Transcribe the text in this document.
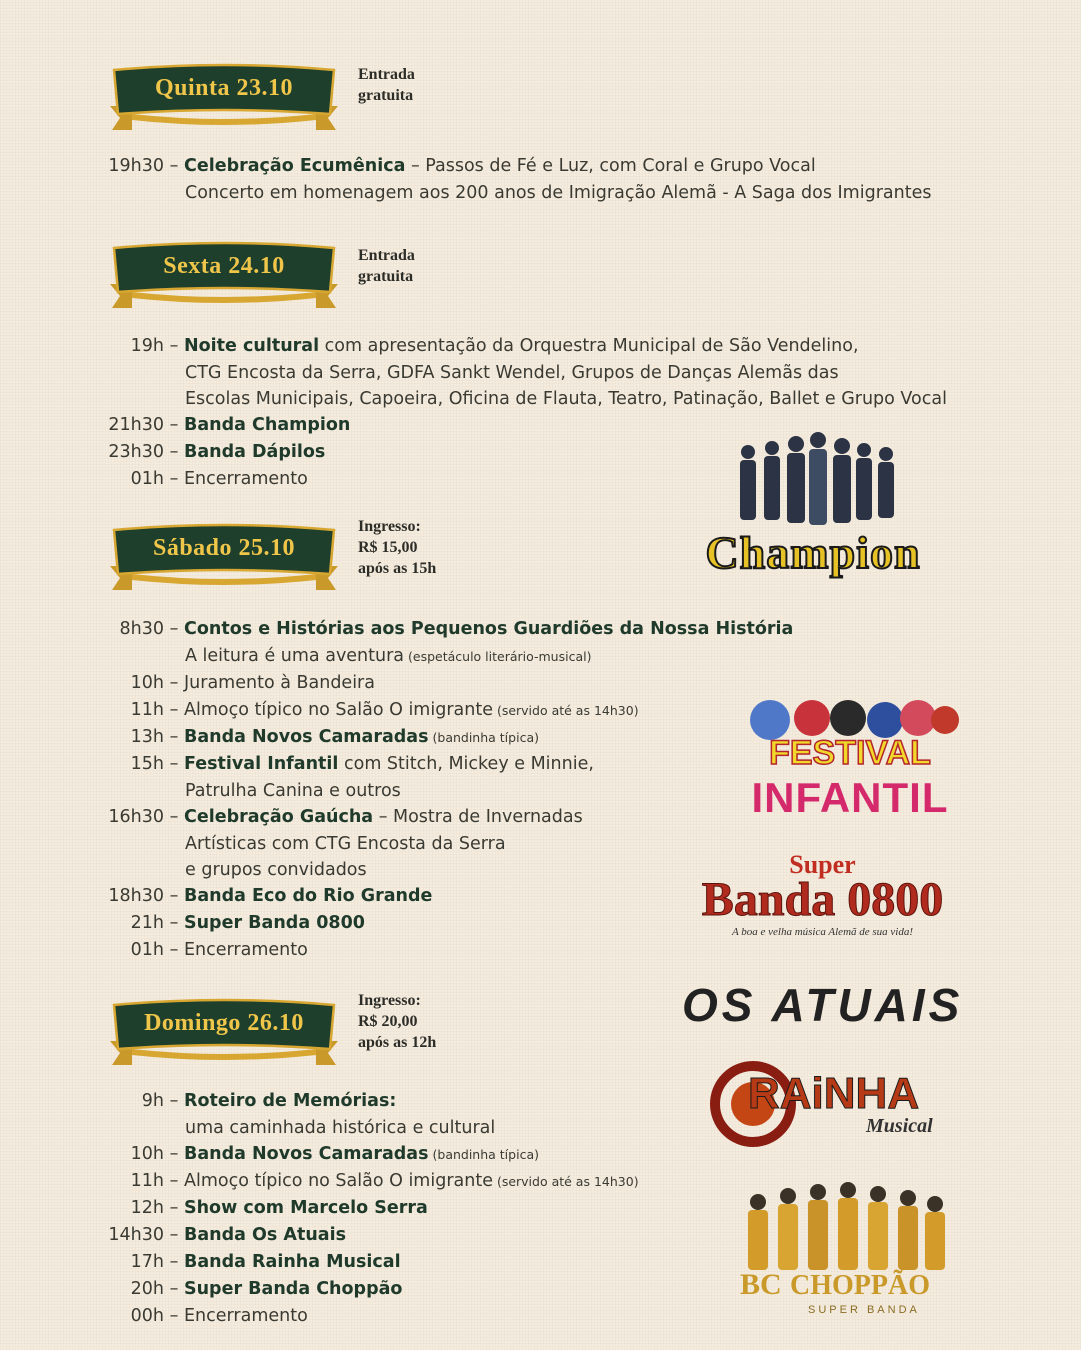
Quinta 23.10	Entrada
gratuita
Sexta 24.10	Entrada
gratuita
Sábado 25.10
Ingresso:
R$ 15,00
após as 15h
Domingo 26.10
Ingresso:
R$ 20,00
após as 12h
19h30 – Celebração Ecumênica – Passos de Fé e Luz, com Coral e Grupo Vocal
Concerto em homenagem aos 200 anos de Imigração Alemã - A Saga dos Imigrantes
19h – Noite cultural com apresentação da Orquestra Municipal de São Vendelino,
CTG Encosta da Serra, GDFA Sankt Wendel, Grupos de Danças Alemãs das
Escolas Municipais, Capoeira, Oficina de Flauta, Teatro, Patinação, Ballet e Grupo Vocal
21h30 – Banda Champion
23h30 – Banda Dápilos
01h – Encerramento
8h30 – Contos e Histórias aos Pequenos Guardiões da Nossa História
A leitura é uma aventura (espetáculo literário-musical)
10h – Juramento à Bandeira
11h – Almoço típico no Salão O imigrante (servido até as 14h30)
13h – Banda Novos Camaradas (bandinha típica)
15h – Festival Infantil com Stitch, Mickey e Minnie,
Patrulha Canina e outros
16h30 – Celebração Gaúcha – Mostra de Invernadas
Artísticas com CTG Encosta da Serra
e grupos convidados
18h30 – Banda Eco do Rio Grande
21h – Super Banda 0800
01h – Encerramento
9h – Roteiro de Memórias:
uma caminhada histórica e cultural
10h – Banda Novos Camaradas (bandinha típica)
11h – Almoço típico no Salão O imigrante (servido até as 14h30)
12h – Show com Marcelo Serra
14h30 – Banda Os Atuais
17h – Banda Rainha Musical
20h – Super Banda Choppão
00h – Encerramento
Champion
FESTIVAL
INFANTIL
Super
Banda 0800
A boa e velha música Alemã de sua vida!
OS ATUAIS
RAiNHA
Musical
BC CHOPPÃO
SUPER BANDA
